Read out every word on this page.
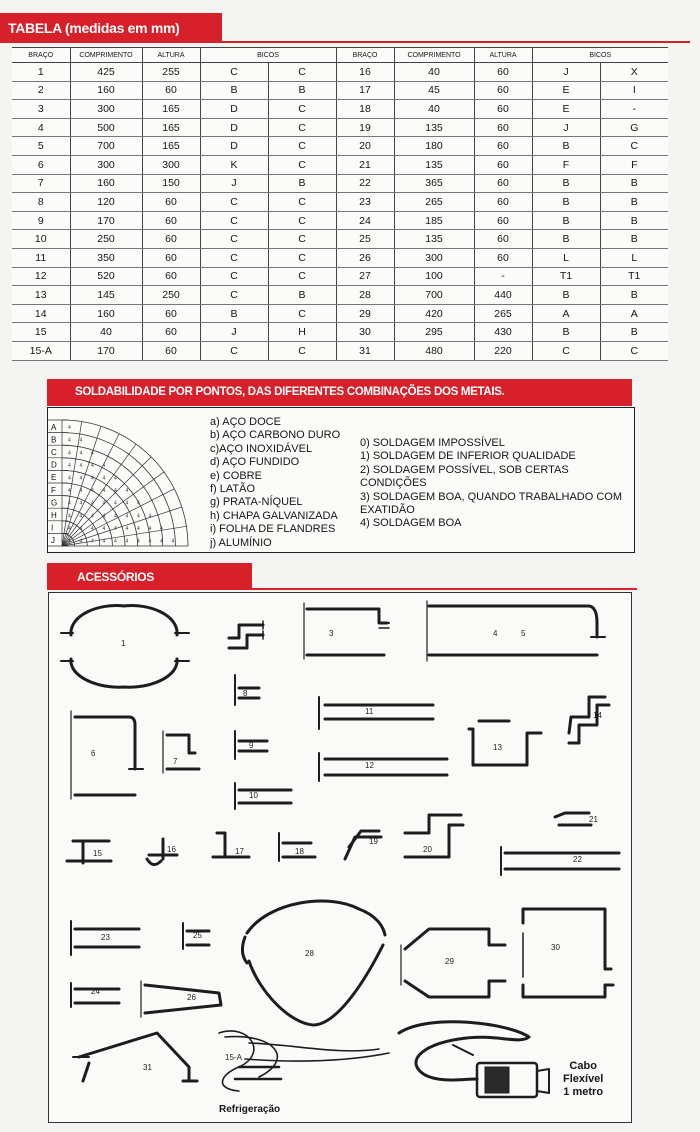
TABELA (medidas em mm)
BRAÇO	COMPRIMENTO	ALTURA	BICOS		BRAÇO	COMPRIMENTO	ALTURA	BICOS	
1	425	255	C	C	16	40	60	J	X
2	160	60	B	B	17	45	60	E	I
3	300	165	D	C	18	40	60	E	-
4	500	165	D	C	19	135	60	J	G
5	700	165	D	C	20	180	60	B	C
6	300	300	K	C	21	135	60	F	F
7	160	150	J	B	22	365	60	B	B
8	120	60	C	C	23	265	60	B	B
9	170	60	C	C	24	185	60	B	B
10	250	60	C	C	25	135	60	B	B
11	350	60	C	C	26	300	60	L	L
12	520	60	C	C	27	100	-	T1	T1
13	145	250	C	B	28	700	440	B	B
14	160	60	B	C	29	420	265	A	A
15	40	60	J	H	30	295	430	B	B
15-A	170	60	C	C	31	480	220	C	C
SOLDABILIDADE POR PONTOS, DAS DIFERENTES COMBINAÇÕES DOS METAIS.
A
B
C
D
E
F
G
H
I
J
4
4 4
4 4 4
4 4 4 4
4 4 4 4 4
4 4 4 4 4 4
4 4 4 4 4 4 4
4 4 4 4 4 4 4 4
4 4 4 4 4 4 4 4 4
4 4 4 4 4 4 4 4 4 4
a) AÇO DOCE
b) AÇO CARBONO DURO
c)AÇO INOXIDÁVEL
d) AÇO FUNDIDO
e) COBRE
f) LATÃO
g) PRATA-NÍQUEL
h) CHAPA GALVANIZADA
i) FOLHA DE FLANDRES
j) ALUMÍNIO
0) SOLDAGEM IMPOSSÍVEL
1) SOLDAGEM DE INFERIOR QUALIDADE
2) SOLDAGEM POSSÍVEL, SOB CERTAS CONDIÇÕES
3) SOLDAGEM BOA, QUANDO TRABALHADO COM EXATIDÃO
4) SOLDAGEM BOA
ACESSÓRIOS
1
3	4	5
6
7
8
9
10
11
12
13
14
15	16	17	18
19
20
21
22
23
24
25
26
28
29
30
31
15-A
Cabo
Flexível
1 metro
Refrigeração
